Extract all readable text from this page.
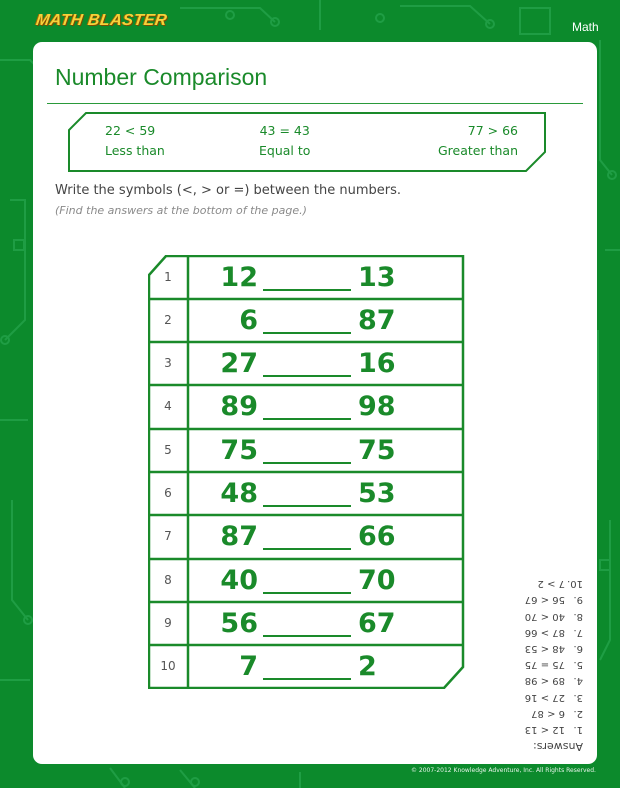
MATH BLASTER	Math
Number Comparison
22 < 59
Less than
43 = 43
Equal to
77 > 66
Greater than
Write the symbols (<, > or =) between the numbers.
(Find the answers at the bottom of the page.)
1	12	13
2	6	87
3	27	16
4	89	98
5	75	75
6	48	53
7	87	66
8	40	70
9	56	67
10	7	2
Answers:
1.12 < 13
2.6 < 87
3.27 > 16
4.89 < 98
5.75 = 75
6.48 < 53
7.87 > 66
8.40 < 70
9.56 < 67
10.7 > 2
© 2007-2012 Knowledge Adventure, Inc. All Rights Reserved.
